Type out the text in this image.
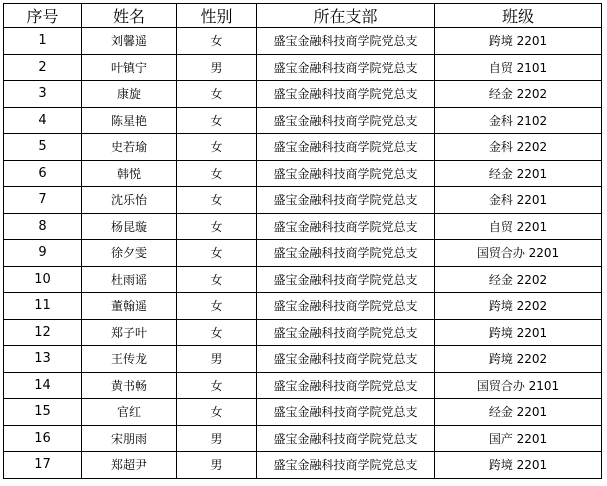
序号	姓名	性别	所在支部	班级
1	刘馨遥	女	盛宝金融科技商学院党总支	跨境 2201
2	叶镇宁	男	盛宝金融科技商学院党总支	自贸 2101
3	康旋	女	盛宝金融科技商学院党总支	经金 2202
4	陈星艳	女	盛宝金融科技商学院党总支	金科 2102
5	史若瑜	女	盛宝金融科技商学院党总支	金科 2202
6	韩悦	女	盛宝金融科技商学院党总支	经金 2201
7	沈乐怡	女	盛宝金融科技商学院党总支	金科 2201
8	杨昆璇	女	盛宝金融科技商学院党总支	自贸 2201
9	徐夕雯	女	盛宝金融科技商学院党总支	国贸合办 2201
10	杜雨谣	女	盛宝金融科技商学院党总支	经金 2202
11	董翰遥	女	盛宝金融科技商学院党总支	跨境 2202
12	郑子叶	女	盛宝金融科技商学院党总支	跨境 2201
13	王传龙	男	盛宝金融科技商学院党总支	跨境 2202
14	黄书畅	女	盛宝金融科技商学院党总支	国贸合办 2101
15	官红	女	盛宝金融科技商学院党总支	经金 2201
16	宋朋雨	男	盛宝金融科技商学院党总支	国产 2201
17	郑超尹	男	盛宝金融科技商学院党总支	跨境 2201
